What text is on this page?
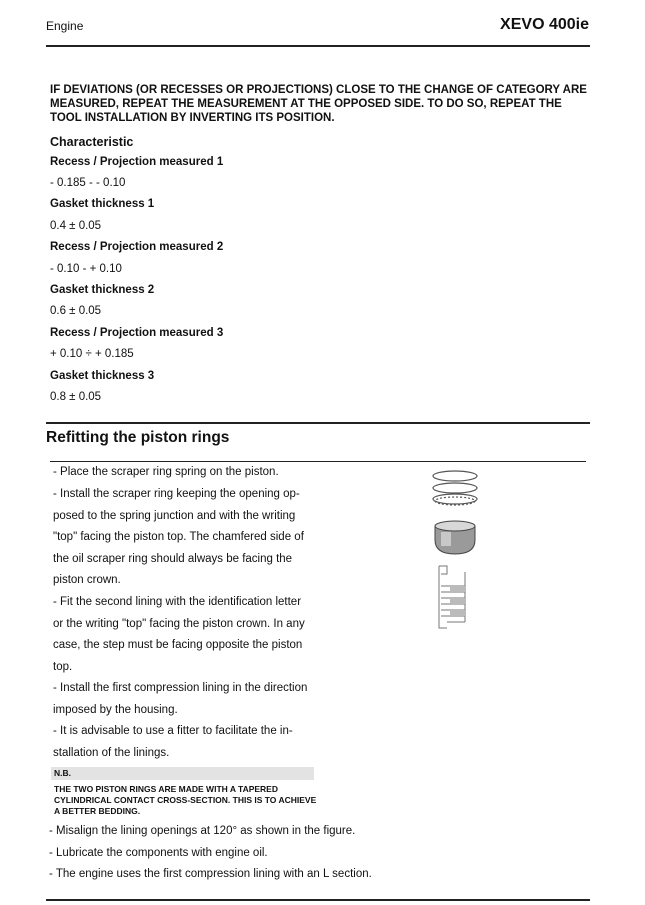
Engine	XEVO 400ie
IF DEVIATIONS (OR RECESSES OR PROJECTIONS) CLOSE TO THE CHANGE OF CATEGORY ARE MEASURED, REPEAT THE MEASUREMENT AT THE OPPOSED SIDE. TO DO SO, REPEAT THE TOOL INSTALLATION BY INVERTING ITS POSITION.
Characteristic
Recess / Projection measured 1
- 0.185 - - 0.10
Gasket thickness 1
0.4 ± 0.05
Recess / Projection measured 2
- 0.10 - + 0.10
Gasket thickness 2
0.6 ± 0.05
Recess / Projection measured 3
+ 0.10 ÷ + 0.185
Gasket thickness 3
0.8 ± 0.05
Refitting the piston rings
- Place the scraper ring spring on the piston.
- Install the scraper ring keeping the opening op-
posed to the spring junction and with the writing
"top" facing the piston top. The chamfered side of
the oil scraper ring should always be facing the
piston crown.
- Fit the second lining with the identification letter
or the writing "top" facing the piston crown. In any
case, the step must be facing opposite the piston
top.
- Install the first compression lining in the direction
imposed by the housing.
- It is advisable to use a fitter to facilitate the in-
stallation of the linings.
N.B.
THE TWO PISTON RINGS ARE MADE WITH A TAPERED CYLINDRICAL CONTACT CROSS-SECTION. THIS IS TO ACHIEVE A BETTER BEDDING.
- Misalign the lining openings at 120° as shown in the figure.
- Lubricate the components with engine oil.
- The engine uses the first compression lining with an L section.
